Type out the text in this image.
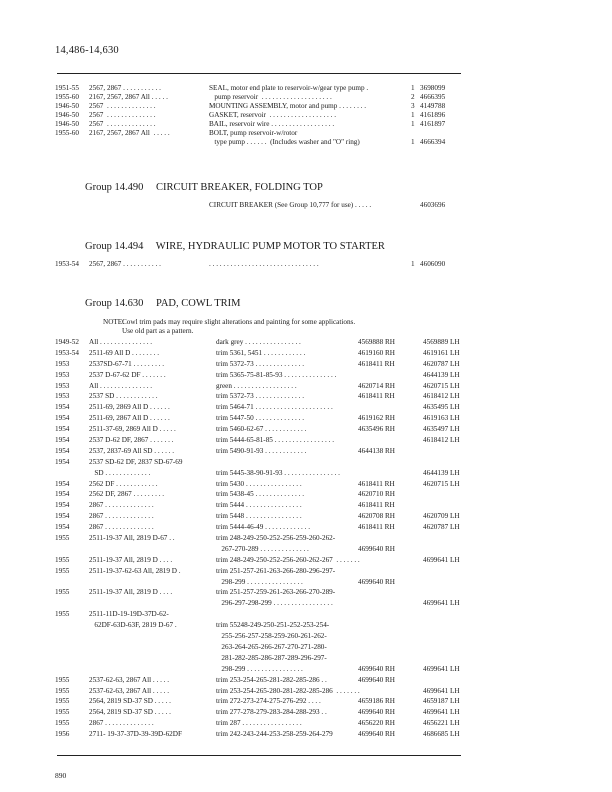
14,486-14,630
1951-55 2567, 2867 . . . . . . . . . . .	SEAL, motor end plate to reservoir-w/gear type pump .	1 3698099
1955-60 2167, 2567, 2867 All . . . . .	pump reservoir  . . . . . . . . . . . . . . . . . . . .	2 4666395
1946-50 2567  . . . . . . . . . . . . . .	MOUNTING ASSEMBLY, motor and pump . . . . . . . .	3 4149788
1946-50 2567  . . . . . . . . . . . . . .	GASKET, reservoir  . . . . . . . . . . . . . . . . . . .	1 4161896
1946-50 2567  . . . . . . . . . . . . . .	BAIL, reservoir wire . . . . . . . . . . . . . . . . . .	1 4161897
1955-60 2167, 2567, 2867 All  . . . . .	BOLT, pump reservoir-w/rotor
type pump . . . . . .  (Includes washer and "O" ring)	1 4666394
Group 14.490 CIRCUIT BREAKER, FOLDING TOP
CIRCUIT BREAKER (See Group 10,777 for use) . . . . .	4603696
Group 14.494 WIRE, HYDRAULIC PUMP MOTOR TO STARTER
1953-54 2567, 2867 . . . . . . . . . . .	. . . . . . . . . . . . . . . . . . . . . . . . . . . . . . .	1 4606090
Group 14.630 PAD, COWL TRIM
NOTE:
Cowl trim pads may require slight alterations and painting for some applications.
Use old part as a pattern.
1949-52 All . . . . . . . . . . . . . . .	dark grey . . . . . . . . . . . . . . . .	4569888 RH	4569889 LH
1953-54 2511-69 All D . . . . . . . .	trim 5361, 5451 . . . . . . . . . . . .	4619160 RH	4619161 LH
1953	2537SD-67-71 . . . . . . . . .	trim 5372-73 . . . . . . . . . . . . . .	4618411 RH	4620787 LH
1953	2537 D-67-62 DF . . . . . . .	trim 5365-75-81-85-93 . . . . . . . . . . . . . . .	4644139 LH
1953	All . . . . . . . . . . . . . . .	green . . . . . . . . . . . . . . . . . .	4620714 RH	4620715 LH
1953	2537 SD . . . . . . . . . . . .	trim 5372-73 . . . . . . . . . . . . . .	4618411 RH	4618412 LH
1954	2511-69, 2869 All D . . . . . .	trim 5464-71 . . . . . . . . . . . . . . . . . . . . . .	4635495 LH
1954	2511-69, 2867 All D . . . . . .	trim 5447-50 . . . . . . . . . . . . . .	4619162 RH	4619163 LH
1954	2511-37-69, 2869 All D . . . . .	trim 5460-62-67 . . . . . . . . . . . .	4635496 RH	4635497 LH
1954	2537 D-62 DF, 2867 . . . . . . .	trim 5444-65-81-85 . . . . . . . . . . . . . . . . .	4618412 LH
1954	2537, 2837-69 All SD . . . . . .	trim 5490-91-93 . . . . . . . . . . . .	4644138 RH
1954	2537 SD-62 DF, 2837 SD-67-69
SD . . . . . . . . . . . . .	trim 5445-38-90-91-93 . . . . . . . . . . . . . . . .	4644139 LH
1954	2562 DF . . . . . . . . . . . .	trim 5430 . . . . . . . . . . . . . . . .	4618411 RH	4620715 LH
1954	2562 DF, 2867 . . . . . . . . .	trim 5438-45 . . . . . . . . . . . . . .	4620710 RH
1954	2867 . . . . . . . . . . . . . .	trim 5444 . . . . . . . . . . . . . . . .	4618411 RH
1954	2867 . . . . . . . . . . . . . .	trim 5448 . . . . . . . . . . . . . . . .	4620708 RH	4620709 LH
1954	2867 . . . . . . . . . . . . . .	trim 5444-46-49 . . . . . . . . . . . . .	4618411 RH	4620787 LH
1955	2511-19-37 All, 2819 D-67 . .	trim 248-249-250-252-256-259-260-262-
267-270-289 . . . . . . . . . . . . . .	4699640 RH
1955	2511-19-37 All, 2819 D . . . .	trim 248-249-250-252-256-260-262-267  . . . . . . .	4699641 LH
1955	2511-19-37-62-63 All, 2819 D .	trim 251-257-261-263-266-280-296-297-
298-299 . . . . . . . . . . . . . . . .	4699640 RH
1955	2511-19-37 All, 2819 D . . . .	trim 251-257-259-261-263-266-270-289-
296-297-298-299 . . . . . . . . . . . . . . . . .	4699641 LH
1955	2511-11D-19-19D-37D-62-
62DF-63D-63F, 2819 D-67 .	trim 55248-249-250-251-252-253-254-
255-256-257-258-259-260-261-262-
263-264-265-266-267-270-271-280-
281-282-285-286-287-289-296-297-
298-299 . . . . . . . . . . . . . . . .	4699640 RH	4699641 LH
1955	2537-62-63, 2867 All . . . . .	trim 253-254-265-281-282-285-286 . .	4699640 RH
1955	2537-62-63, 2867 All . . . . .	trim 253-254-265-280-281-282-285-286  . . . . . . .	4699641 LH
1955	2564, 2819 SD-37 SD . . . . .	trim 272-273-274-275-276-292 . . . .	4659186 RH	4659187 LH
1955	2564, 2819 SD-37 SD . . . . .	trim 277-278-279-283-284-288-293 . .	4699640 RH	4699641 LH
1955	2867 . . . . . . . . . . . . . .	trim 287 . . . . . . . . . . . . . . . . .	4656220 RH	4656221 LH
1956	2711- 19-37-37D-39-39D-62DF	trim 242-243-244-253-258-259-264-279	4699640 RH	4686685 LH
890
